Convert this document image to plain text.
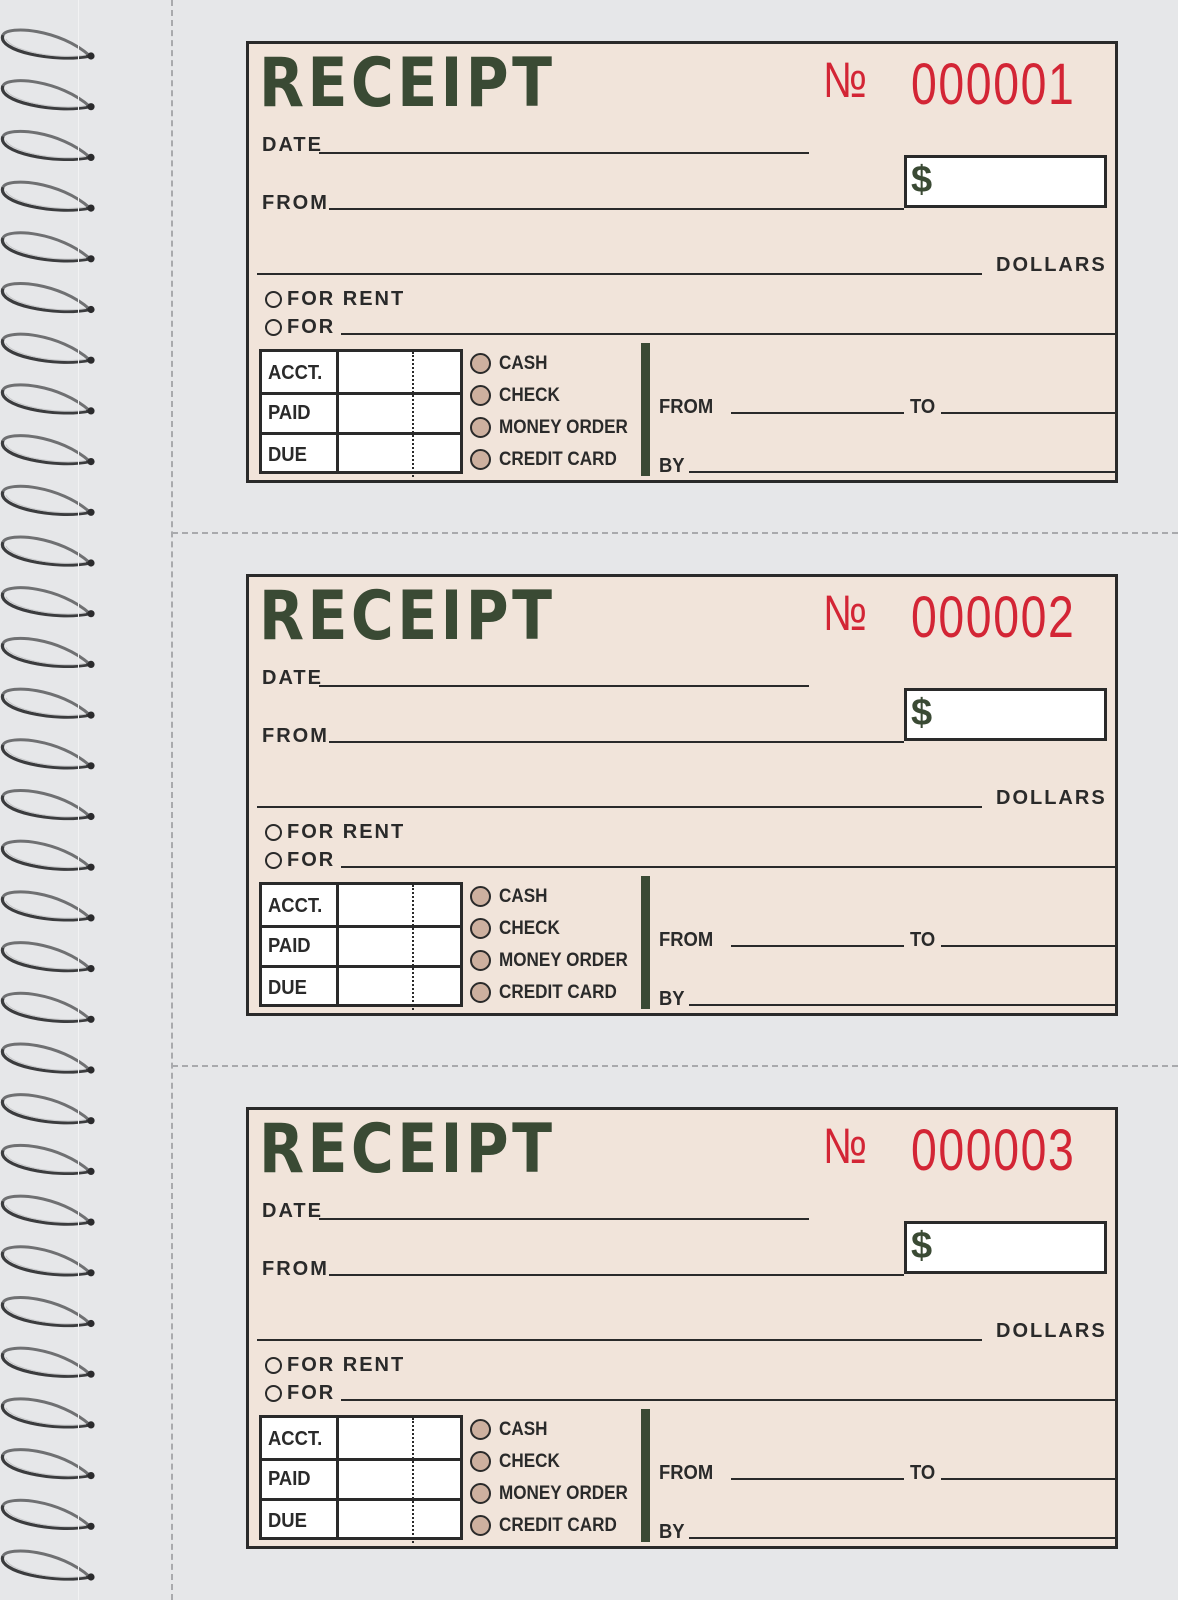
RECEIPT	№ 000001
DATE
FROM
$
DOLLARS
FOR RENT
FOR
ACCT.
PAID
DUE
CASH
CHECK
MONEY ORDER
CREDIT CARD
FROM	TO
BY
RECEIPT	№ 000002
DATE
FROM
$
DOLLARS
FOR RENT
FOR
ACCT.
PAID
DUE
CASH
CHECK
MONEY ORDER
CREDIT CARD
FROM	TO
BY
RECEIPT	№ 000003
DATE
FROM
$
DOLLARS
FOR RENT
FOR
ACCT.
PAID
DUE
CASH
CHECK
MONEY ORDER
CREDIT CARD
FROM	TO
BY
